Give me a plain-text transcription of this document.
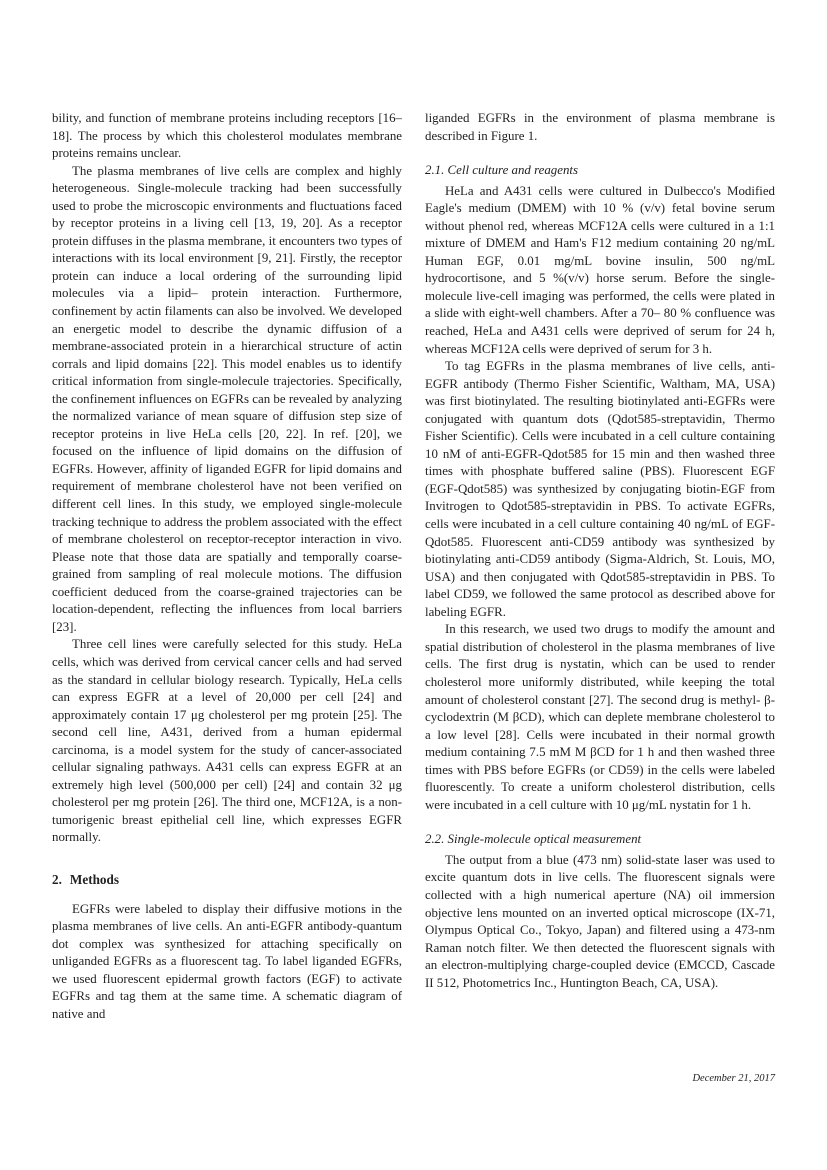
bility, and function of membrane proteins including receptors [16–18]. The process by which this cholesterol modulates membrane proteins remains unclear.

The plasma membranes of live cells are complex and highly heterogeneous. Single-molecule tracking had been successfully used to probe the microscopic environments and fluctuations faced by receptor proteins in a living cell [13, 19, 20]. As a receptor protein diffuses in the plasma membrane, it encounters two types of interactions with its local environment [9, 21]. Firstly, the receptor protein can induce a local ordering of the surrounding lipid molecules via a lipid– protein interaction. Furthermore, confinement by actin filaments can also be involved. We developed an energetic model to describe the dynamic diffusion of a membrane-associated protein in a hierarchical structure of actin corrals and lipid domains [22]. This model enables us to identify critical information from single-molecule trajectories. Specifically, the confinement influences on EGFRs can be revealed by analyzing the normalized variance of mean square of diffusion step size of receptor proteins in live HeLa cells [20, 22]. In ref. [20], we focused on the influence of lipid domains on the diffusion of EGFRs. However, affinity of liganded EGFR for lipid domains and requirement of membrane cholesterol have not been verified on different cell lines. In this study, we employed single-molecule tracking technique to address the problem associated with the effect of membrane cholesterol on receptor-receptor interaction in vivo. Please note that those data are spatially and temporally coarse-grained from sampling of real molecule motions. The diffusion coefficient deduced from the coarse-grained trajectories can be location-dependent, reflecting the influences from local barriers [23].

Three cell lines were carefully selected for this study. HeLa cells, which was derived from cervical cancer cells and had served as the standard in cellular biology research. Typically, HeLa cells can express EGFR at a level of 20,000 per cell [24] and approximately contain 17 μg cholesterol per mg protein [25]. The second cell line, A431, derived from a human epidermal carcinoma, is a model system for the study of cancer-associated cellular signaling pathways. A431 cells can express EGFR at an extremely high level (500,000 per cell) [24] and contain 32 μg cholesterol per mg protein [26]. The third one, MCF12A, is a non-tumorigenic breast epithelial cell line, which expresses EGFR normally.

2. Methods

EGFRs were labeled to display their diffusive motions in the plasma membranes of live cells. An anti-EGFR antibody-quantum dot complex was synthesized for attaching specifically on unliganded EGFRs as a fluorescent tag. To label liganded EGFRs, we used fluorescent epidermal growth factors (EGF) to activate EGFRs and tag them at the same time. A schematic diagram of native and

liganded EGFRs in the environment of plasma membrane is described in Figure 1.

2.1. Cell culture and reagents

HeLa and A431 cells were cultured in Dulbecco's Modified Eagle's medium (DMEM) with 10 % (v/v) fetal bovine serum without phenol red, whereas MCF12A cells were cultured in a 1:1 mixture of DMEM and Ham's F12 medium containing 20 ng/mL Human EGF, 0.01 mg/mL bovine insulin, 500 ng/mL hydrocortisone, and 5 %(v/v) horse serum. Before the single-molecule live-cell imaging was performed, the cells were plated in a slide with eight-well chambers. After a 70– 80 % confluence was reached, HeLa and A431 cells were deprived of serum for 24 h, whereas MCF12A cells were deprived of serum for 3 h.

To tag EGFRs in the plasma membranes of live cells, anti-EGFR antibody (Thermo Fisher Scientific, Waltham, MA, USA) was first biotinylated. The resulting biotinylated anti-EGFRs were conjugated with quantum dots (Qdot585-streptavidin, Thermo Fisher Scientific). Cells were incubated in a cell culture containing 10 nM of anti-EGFR-Qdot585 for 15 min and then washed three times with phosphate buffered saline (PBS). Fluorescent EGF (EGF-Qdot585) was synthesized by conjugating biotin-EGF from Invitrogen to Qdot585-streptavidin in PBS. To activate EGFRs, cells were incubated in a cell culture containing 40 ng/mL of EGF-Qdot585. Fluorescent anti-CD59 antibody was synthesized by biotinylating anti-CD59 antibody (Sigma-Aldrich, St. Louis, MO, USA) and then conjugated with Qdot585-streptavidin in PBS. To label CD59, we followed the same protocol as described above for labeling EGFR.

In this research, we used two drugs to modify the amount and spatial distribution of cholesterol in the plasma membranes of live cells. The first drug is nystatin, which can be used to render cholesterol more uniformly distributed, while keeping the total amount of cholesterol constant [27]. The second drug is methyl- β-cyclodextrin (M βCD), which can deplete membrane cholesterol to a low level [28]. Cells were incubated in their normal growth medium containing 7.5 mM M βCD for 1 h and then washed three times with PBS before EGFRs (or CD59) in the cells were labeled fluorescently. To create a uniform cholesterol distribution, cells were incubated in a cell culture with 10 μg/mL nystatin for 1 h.

2.2. Single-molecule optical measurement

The output from a blue (473 nm) solid-state laser was used to excite quantum dots in live cells. The fluorescent signals were collected with a high numerical aperture (NA) oil immersion objective lens mounted on an inverted optical microscope (IX-71, Olympus Optical Co., Tokyo, Japan) and filtered using a 473-nm Raman notch filter. We then detected the fluorescent signals with an electron-multiplying charge-coupled device (EMCCD, Cascade II 512, Photometrics Inc., Huntington Beach, CA, USA).

December 21, 2017
